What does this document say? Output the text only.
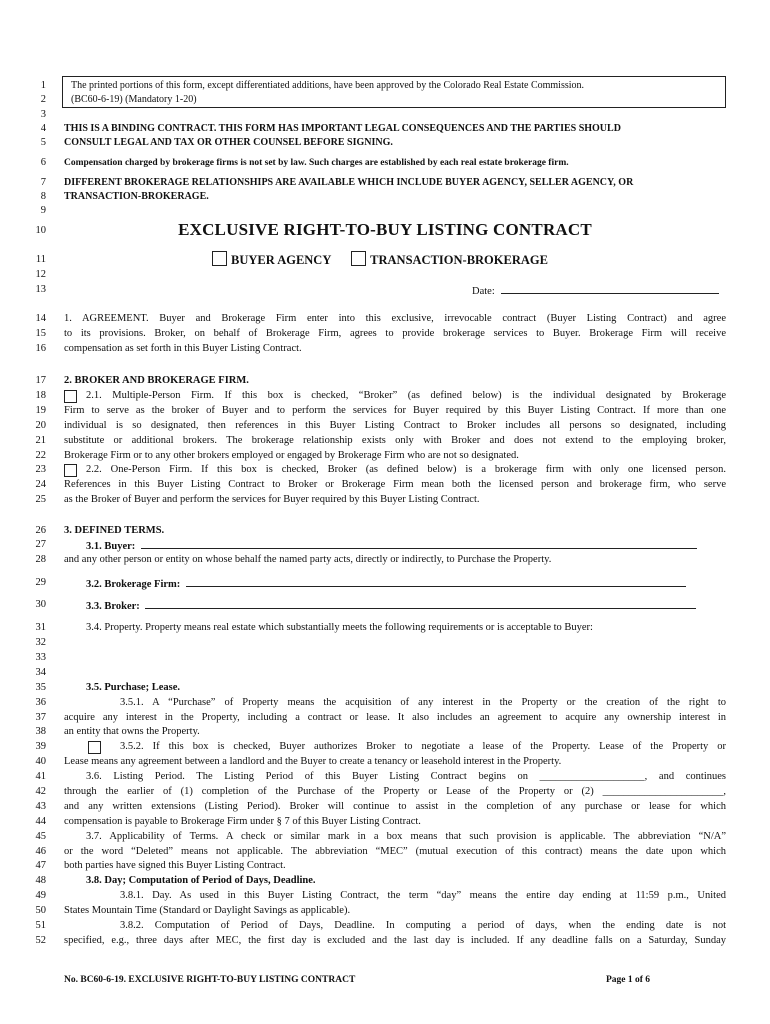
1
2
3
4
5
6
7
8
9
10
11
12
13
14
15
16
17
18
19
20
21
22
23
24
25
26
27
28
29
30
31
32
33
34
35
36
37
38
39
40
41
42
43
44
45
46
47
48
49
50
51
52
The printed portions of this form, except differentiated additions, have been approved by the Colorado Real Estate Commission.
(BC60-6-19) (Mandatory 1-20)
THIS IS A BINDING CONTRACT. THIS FORM HAS IMPORTANT LEGAL CONSEQUENCES AND THE PARTIES SHOULD
CONSULT LEGAL AND TAX OR OTHER COUNSEL BEFORE SIGNING.
Compensation charged by brokerage firms is not set by law. Such charges are established by each real estate brokerage firm.
DIFFERENT BROKERAGE RELATIONSHIPS ARE AVAILABLE WHICH INCLUDE BUYER AGENCY, SELLER AGENCY, OR
TRANSACTION-BROKERAGE.
EXCLUSIVE RIGHT-TO-BUY LISTING CONTRACT
BUYER AGENCY	TRANSACTION-BROKERAGE
Date:
1. AGREEMENT. Buyer and Brokerage Firm enter into this exclusive, irrevocable contract (Buyer Listing Contract) and agree
to its provisions. Broker, on behalf of Brokerage Firm, agrees to provide brokerage services to Buyer. Brokerage Firm will receive
compensation as set forth in this Buyer Listing Contract.
2. BROKER AND BROKERAGE FIRM.
2.1. Multiple-Person Firm. If this box is checked, “Broker” (as defined below) is the individual designated by Brokerage
Firm to serve as the broker of Buyer and to perform the services for Buyer required by this Buyer Listing Contract. If more than one
individual is so designated, then references in this Buyer Listing Contract to Broker includes all persons so designated, including
substitute or additional brokers. The brokerage relationship exists only with Broker and does not extend to the employing broker,
Brokerage Firm or to any other brokers employed or engaged by Brokerage Firm who are not so designated.
2.2. One-Person Firm. If this box is checked, Broker (as defined below) is a brokerage firm with only one licensed person.
References in this Buyer Listing Contract to Broker or Brokerage Firm mean both the licensed person and brokerage firm, who serve
as the Broker of Buyer and perform the services for Buyer required by this Buyer Listing Contract.
3. DEFINED TERMS.
3.1. Buyer:
and any other person or entity on whose behalf the named party acts, directly or indirectly, to Purchase the Property.
3.2. Brokerage Firm:
3.3. Broker:
3.4. Property. Property means real estate which substantially meets the following requirements or is acceptable to Buyer:
3.5. Purchase; Lease.
3.5.1. A “Purchase” of Property means the acquisition of any interest in the Property or the creation of the right to
acquire any interest in the Property, including a contract or lease. It also includes an agreement to acquire any ownership interest in
an entity that owns the Property.
3.5.2. If this box is checked, Buyer authorizes Broker to negotiate a lease of the Property. Lease of the Property or
Lease means any agreement between a landlord and the Buyer to create a tenancy or leasehold interest in the Property.
3.6. Listing Period. The Listing Period of this Buyer Listing Contract begins on ____________________, and continues
through the earlier of (1) completion of the Purchase of the Property or Lease of the Property or (2) _______________________,
and any written extensions (Listing Period). Broker will continue to assist in the completion of any purchase or lease for which
compensation is payable to Brokerage Firm under § 7 of this Buyer Listing Contract.
3.7. Applicability of Terms. A check or similar mark in a box means that such provision is applicable. The abbreviation “N/A”
or the word “Deleted” means not applicable. The abbreviation “MEC” (mutual execution of this contract) means the date upon which
both parties have signed this Buyer Listing Contract.
3.8. Day; Computation of Period of Days, Deadline.
3.8.1. Day. As used in this Buyer Listing Contract, the term “day” means the entire day ending at 11:59 p.m., United
States Mountain Time (Standard or Daylight Savings as applicable).
3.8.2. Computation of Period of Days, Deadline. In computing a period of days, when the ending date is not
specified, e.g., three days after MEC, the first day is excluded and the last day is included. If any deadline falls on a Saturday, Sunday
No. BC60-6-19. EXCLUSIVE RIGHT-TO-BUY LISTING CONTRACT	Page 1 of 6
